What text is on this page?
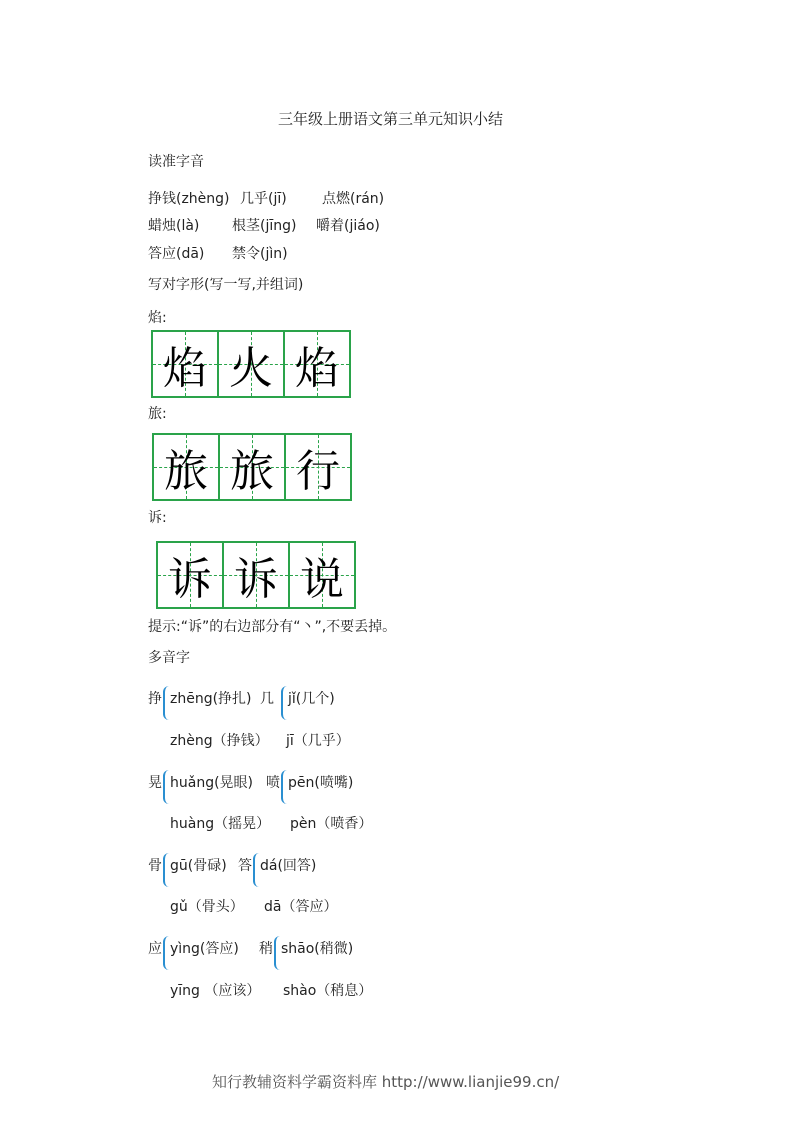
三年级上册语文第三单元知识小结
读准字音
挣钱(zhèng) 几乎(jī)	点燃(rán)
蜡烛(là) 根茎(jīng) 嚼着(jiáo)
答应(dā) 禁令(jìn)
写对字形(写一写,并组词)
焰:
焰 火 焰
旅:
旅 旅 行
诉:
诉 诉 说
提示:“诉”的右边部分有“丶”,不要丢掉。
多音字
挣 zhēng(挣扎)
zhèng（挣钱）
几 jǐ(几个)
jī（几乎）
晃 huǎng(晃眼)
huàng（摇晃）
喷 pēn(喷嘴)
pèn（喷香）
骨 gū(骨碌)
gǔ（骨头）
答 dá(回答)
dā（答应）
应 yìng(答应)
yīng （应该）
稍 shāo(稍微)
shào（稍息）
知行教辅资料学霸资料库 http://www.lianjie99.cn/
